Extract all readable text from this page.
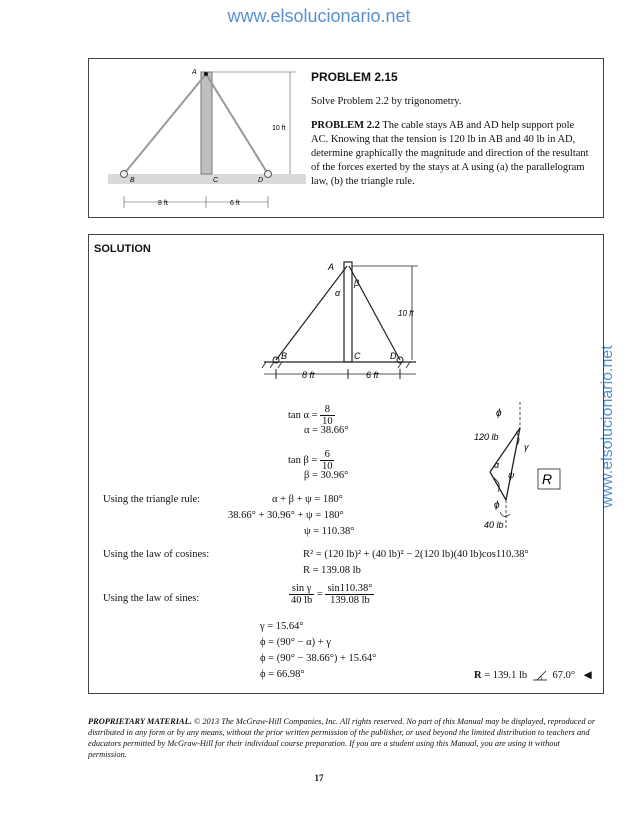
www.elsolucionario.net
www.elsolucionario.net
A
B	C	D
10 ft
8 ft	6 ft
PROBLEM 2.15
Solve Problem 2.2 by trigonometry.
PROBLEM 2.2 The cable stays AB and AD help support pole AC. Knowing that the tension is 120 lb in AB and 40 lb in AD, determine graphically the magnitude and direction of the resultant of the forces exerted by the stays at A using (a) the parallelogram law, (b) the triangle rule.
SOLUTION
A
B	C	D
α
β
10 ft
8 ft	6 ft
ϕ
γ
α
ψ
ϕ
120 lb
40 lb
R
$\tan \alpha = \frac{8}{10}$
α = 38.66°
$\tan \beta = \frac{6}{10}$
β = 30.96°
Using the triangle rule:	α + β + ψ = 180°
38.66° + 30.96° + ψ = 180°
ψ = 110.38°
Using the law of cosines:	R² = (120 lb)² + (40 lb)² − 2(120 lb)(40 lb)cos110.38°
R = 139.08 lb
Using the law of sines:	$\frac{\text{sin γ}}{40 lb} = \frac{\sin 110.38^\circ}{139.08 lb}$
γ = 15.64°
ϕ = (90° − α) + γ
ϕ = (90° − 38.66°) + 15.64°
ϕ = 66.98°	R = 139.1 lb 67.0° ◀
PROPRIETARY MATERIAL. © 2013 The McGraw-Hill Companies, Inc. All rights reserved. No part of this Manual may be displayed, reproduced or distributed in any form or by any means, without the prior written permission of the publisher, or used beyond the limited distribution to teachers and educators permitted by McGraw-Hill for their individual course preparation. If you are a student using this Manual, you are using it without permission.
17
